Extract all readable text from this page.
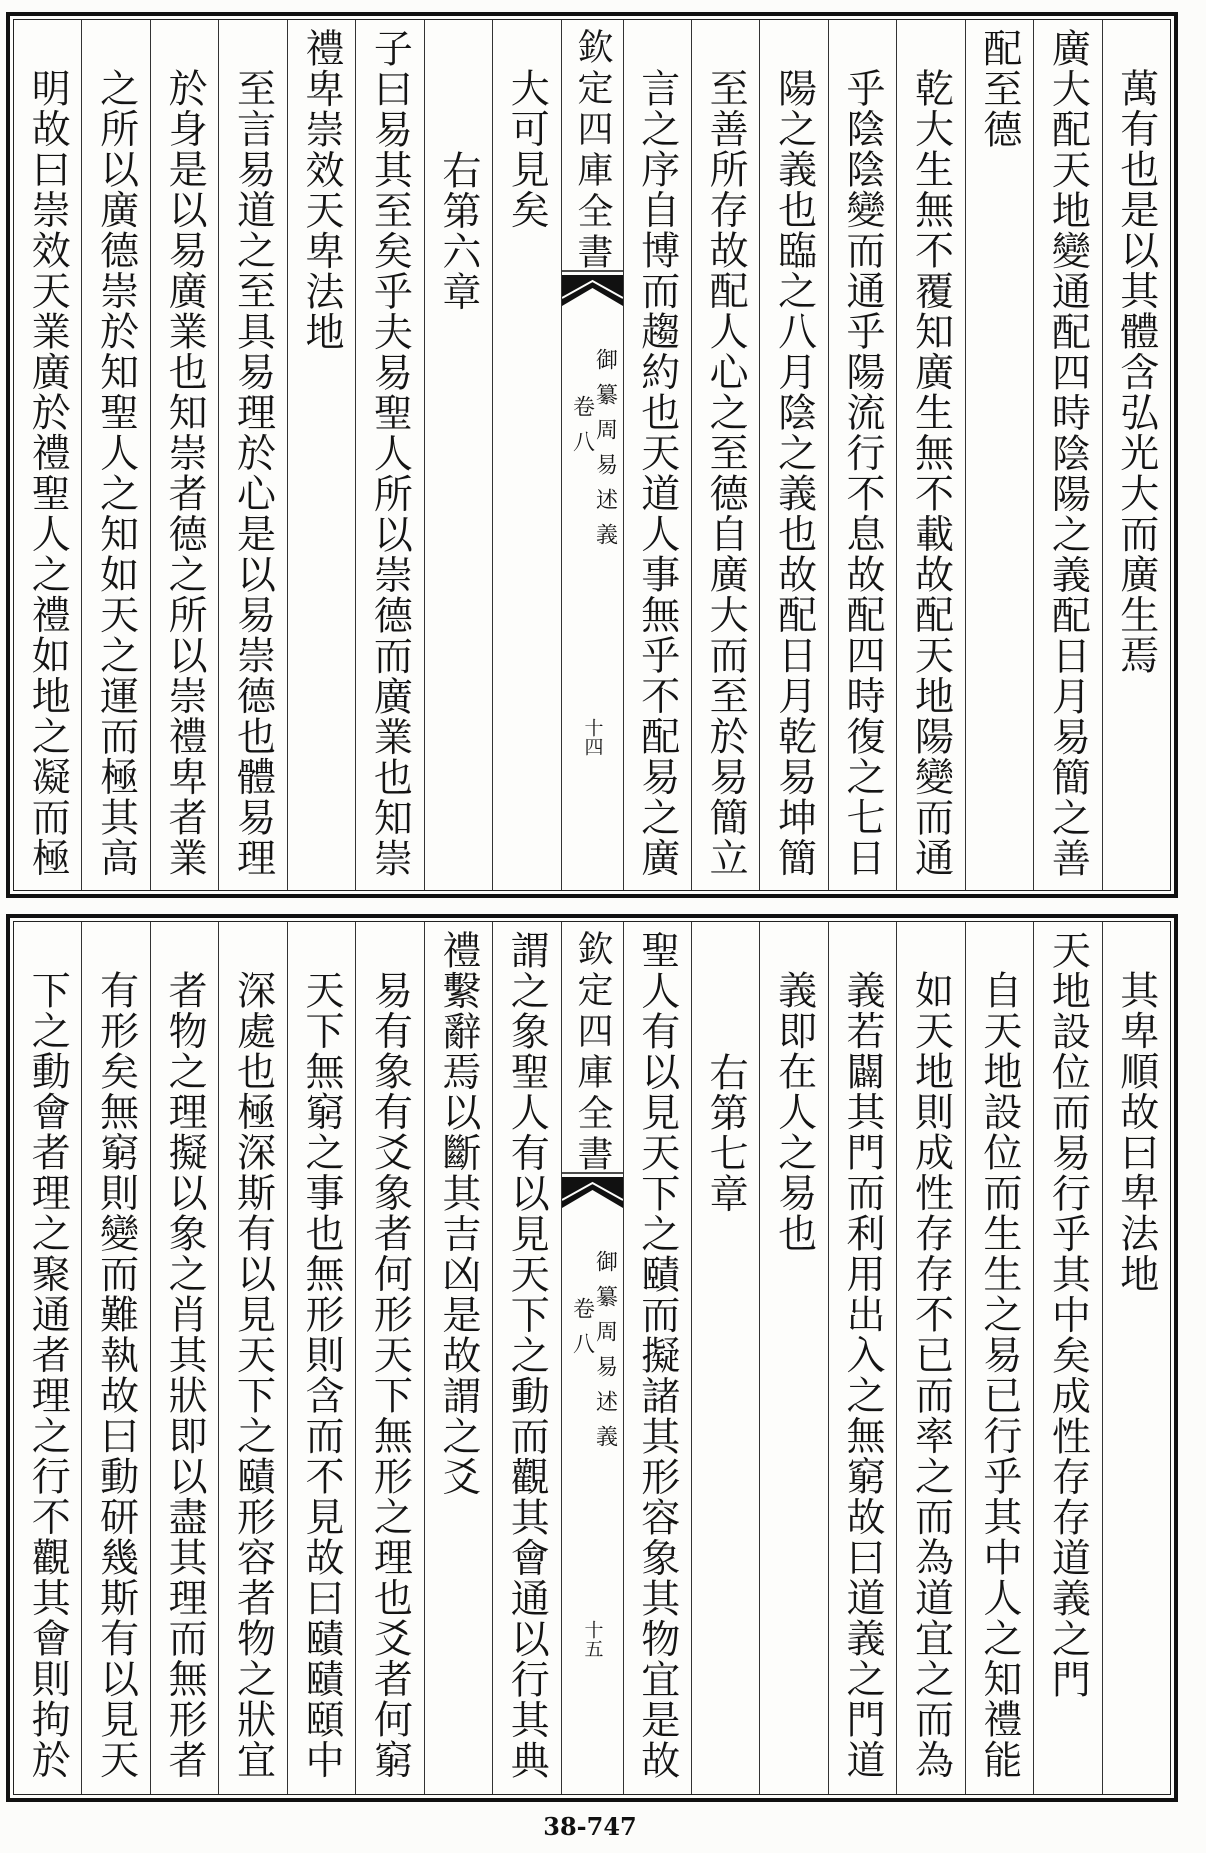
萬有也是以其體含弘光大而廣生焉
廣大配天地變通配四時陰陽之義配日月易簡之善
配至德
乾大生無不覆知廣生無不載故配天地陽變而通
乎陰陰變而通乎陽流行不息故配四時復之七日
陽之義也臨之八月陰之義也故配日月乾易坤簡
至善所存故配人心之至德自廣大而至於易簡立
言之序自博而趨約也天道人事無乎不配易之廣
欽定四庫全書
御纂周易述義
卷八
十四
大可見矣
右第六章
子曰易其至矣乎夫易聖人所以崇德而廣業也知崇
禮卑崇效天卑法地
至言易道之至具易理於心是以易崇德也體易理
於身是以易廣業也知崇者德之所以崇禮卑者業
之所以廣德崇於知聖人之知如天之運而極其高
明故曰崇效天業廣於禮聖人之禮如地之凝而極
其卑順故曰卑法地
天地設位而易行乎其中矣成性存存道義之門
自天地設位而生生之易已行乎其中人之知禮能
如天地則成性存存不已而率之而為道宜之而為
義若闢其門而利用出入之無窮故曰道義之門道
義即在人之易也
右第七章
聖人有以見天下之賾而擬諸其形容象其物宜是故
欽定四庫全書
御纂周易述義
卷八
十五
謂之象聖人有以見天下之動而觀其會通以行其典
禮繫辭焉以斷其吉凶是故謂之爻
易有象有爻象者何形天下無形之理也爻者何窮
天下無窮之事也無形則含而不見故曰賾賾頤中
深處也極深斯有以見天下之賾形容者物之狀宜
者物之理擬以象之肖其狀即以盡其理而無形者
有形矣無窮則變而難執故曰動研幾斯有以見天
下之動會者理之聚通者理之行不觀其會則拘於
38-747
